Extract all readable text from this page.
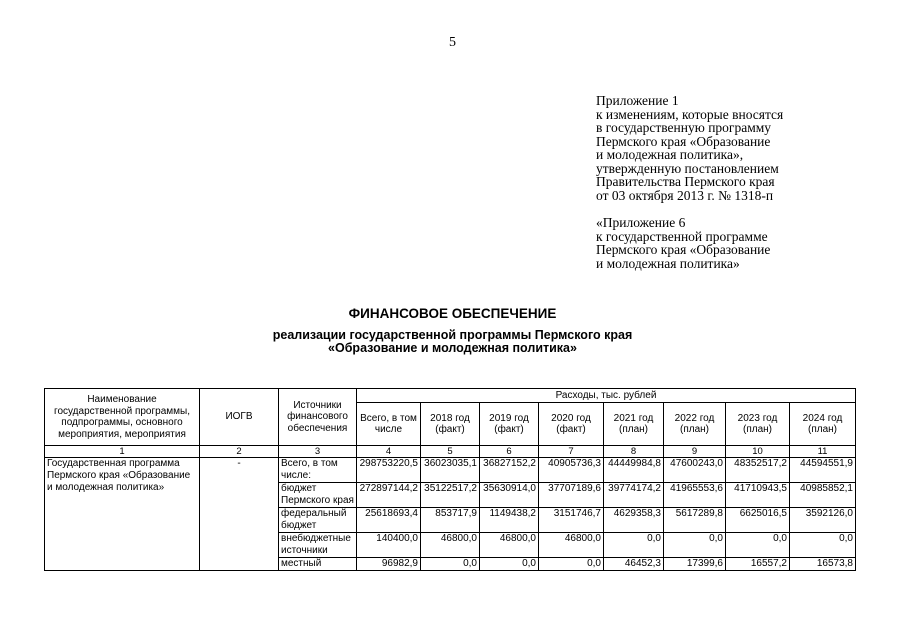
5
Приложение 1
к изменениям, которые вносятся
в государственную программу
Пермского края «Образование
и молодежная политика»,
утвержденную постановлением
Правительства Пермского края
от 03 октября 2013 г. № 1318-п
«Приложение 6
к государственной программе
Пермского края «Образование
и молодежная политика»
ФИНАНСОВОЕ ОБЕСПЕЧЕНИЕ
реализации государственной программы Пермского края
«Образование и молодежная политика»
Наименование государственной программы, подпрограммы, основного мероприятия, мероприятия	ИОГВ	Источники финансового обеспечения	Расходы, тыс. рублей							
			Всего, в том числе	2018 год (факт)	2019 год (факт)	2020 год (факт)	2021 год (план)	2022 год (план)	2023 год (план)	2024 год (план)
1	2	3	4	5	6	7	8	9	10	11
Государственная программа Пермского края «Образование и молодежная политика»	-	Всего, в том числе:	298753220,5	36023035,1	36827152,2	40905736,3	44449984,8	47600243,0	48352517,2	44594551,9
		бюджет Пермского края	272897144,2	35122517,2	35630914,0	37707189,6	39774174,2	41965553,6	41710943,5	40985852,1
		федеральный бюджет	25618693,4	853717,9	1149438,2	3151746,7	4629358,3	5617289,8	6625016,5	3592126,0
		внебюджетные источники	140400,0	46800,0	46800,0	46800,0	0,0	0,0	0,0	0,0
		местный	96982,9	0,0	0,0	0,0	46452,3	17399,6	16557,2	16573,8
